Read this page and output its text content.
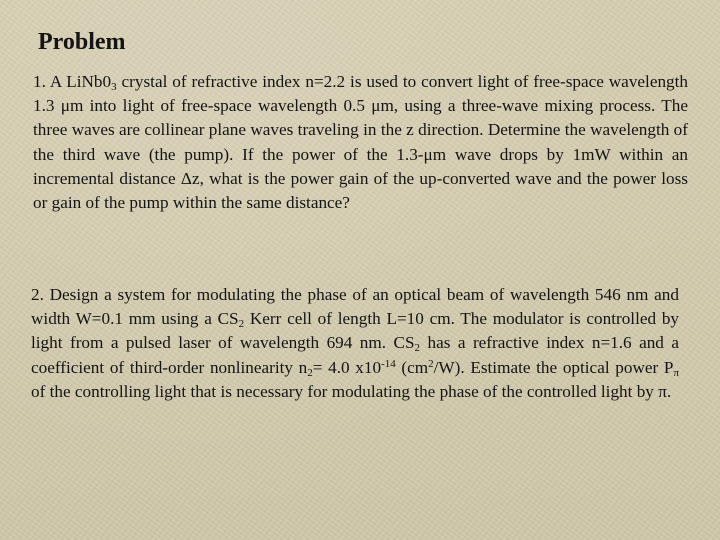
Problem

1. A $LiNb0_3$ crystal of refractive index n=2.2 is used to convert light of free-space wavelength 1.3 μm into light of free-space wavelength 0.5 μm, using a three-wave mixing process. The three waves are collinear plane waves traveling in the z direction. Determine the wavelength of the third wave (the pump). If the power of the 1.3-μm wave drops by 1mW within an incremental distance Δz, what is the power gain of the up-converted wave and the power loss or gain of the pump within the same distance?

2. Design a system for modulating the phase of an optical beam of wavelength 546 nm and width W=0.1 mm using a $CS_2$ Kerr cell of length L=10 cm. The modulator is controlled by light from a pulsed laser of wavelength 694 nm. $CS_2$ has a refractive index n=1.6 and a coefficient of third-order nonlinearity $n_2= 4.0$ $x10^{-14}$ $(cm^2/W)$. Estimate the optical power $P_\pi$ of the controlling light that is necessary for modulating the phase of the controlled light by π.
